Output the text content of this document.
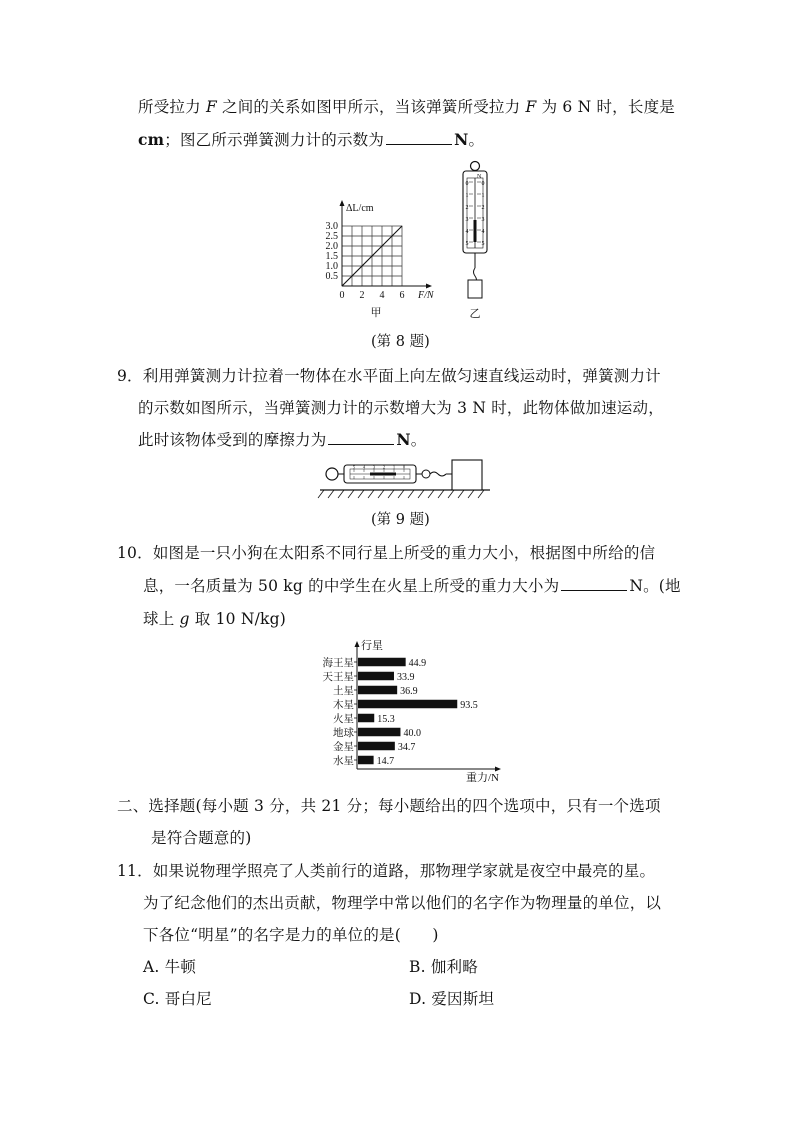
所受拉力 F 之间的关系如图甲所示，当该弹簧所受拉力 F 为 6 N 时，长度是
cm；图乙所示弹簧测力计的示数为	N。
ΔL/cm
F/N
3.0
2.5
2.0
1.5
1.0
0.5
0 2 4 6
甲
N
0
1
2
3
4
5
0
1
2
3
4
5
乙
(第 8 题)
9．利用弹簧测力计拉着一物体在水平面上向左做匀速直线运动时，弹簧测力计
的示数如图所示，当弹簧测力计的示数增大为 3 N 时，此物体做加速运动，
此时该物体受到的摩擦力为	N。
5 4 3 2 1 0
(第 9 题)
10．如图是一只小狗在太阳系不同行星上所受的重力大小，根据图中所给的信
息，一名质量为 50 kg 的中学生在火星上所受的重力大小为	N。(地
球上 g 取 10 N/kg)
行星
重力/N
海王星	44.9
天王星	33.9
土星	36.9
木星	93.5
火星 15.3
地球	40.0
金星	34.7
水星 14.7
二、选择题(每小题 3 分，共 21 分；每小题给出的四个选项中，只有一个选项
是符合题意的)
11．如果说物理学照亮了人类前行的道路，那物理学家就是夜空中最亮的星。
为了纪念他们的杰出贡献，物理学中常以他们的名字作为物理量的单位，以
下各位“明星”的名字是力的单位的是(　　)
A. 牛顿	B. 伽利略
C. 哥白尼	D. 爱因斯坦
